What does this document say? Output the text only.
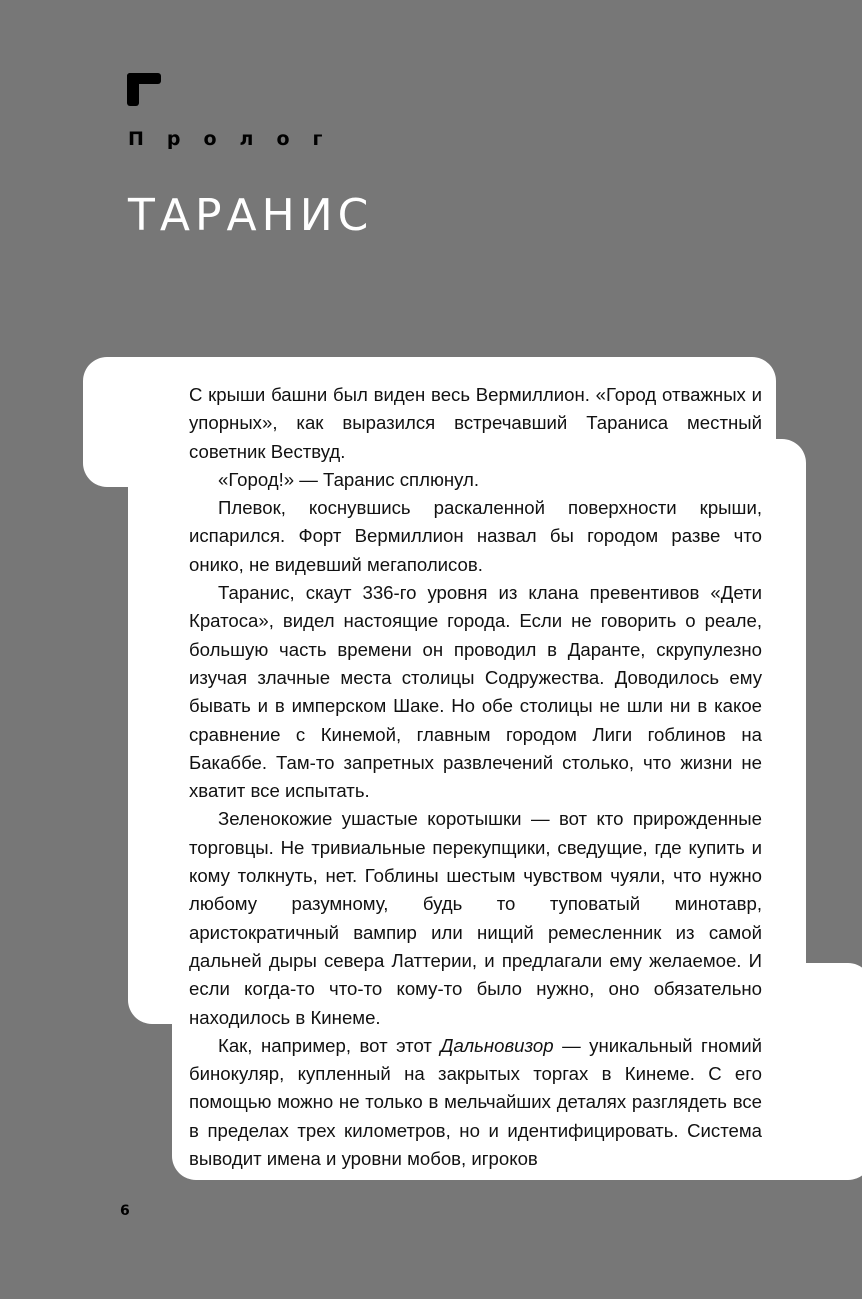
Пролог
ТАРАНИС

С крыши башни был виден весь Вермиллион. «Город отважных и упорных», как выразился встречавший Тараниса местный советник Вествуд.

«Город!» — Таранис сплюнул.

Плевок, коснувшись раскаленной поверхности крыши, испарился. Форт Вермиллион назвал бы городом разве что онико, не видевший мегаполисов.

Таранис, скаут 336-го уровня из клана превентивов «Дети Кратоса», видел настоящие города. Если не говорить о реале, большую часть времени он проводил в Даранте, скрупулезно изучая злачные места столицы Содружества. Доводилось ему бывать и в имперском Шаке. Но обе столицы не шли ни в какое сравнение с Кинемой, главным городом Лиги гоблинов на Бакаббе. Там-то запретных развлечений столько, что жизни не хватит все испытать.

Зеленокожие ушастые коротышки — вот кто прирожденные торговцы. Не тривиальные перекупщики, сведущие, где купить и кому толкнуть, нет. Гоблины шестым чувством чуяли, что нужно любому разумному, будь то туповатый минотавр, аристократичный вампир или нищий ремесленник из самой дальней дыры севера Латтерии, и предлагали ему желаемое. И если когда-то что-то кому-то было нужно, оно обязательно находилось в Кинеме.

Как, например, вот этот Дальновизор — уникальный гномий бинокуляр, купленный на закрытых торгах в Кинеме. С его помощью можно не только в мельчайших деталях разглядеть все в пределах трех километров, но и идентифицировать. Система выводит имена и уровни мобов, игроков

6
